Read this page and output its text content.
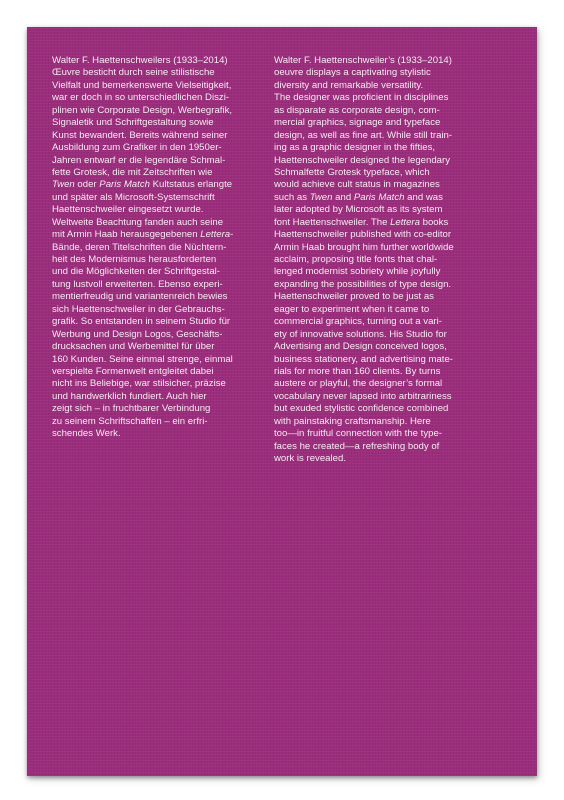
Walter F. Haettenschweilers (1933–2014)
Œuvre besticht durch seine stilistische
Vielfalt und bemerkenswerte Vielseitigkeit,
war er doch in so unterschiedlichen Diszi-
plinen wie Corporate Design, Werbegrafik,
Signaletik und Schriftgestaltung sowie
Kunst bewandert. Bereits während seiner
Ausbildung zum Grafiker in den 1950er-
Jahren entwarf er die legendäre Schmal-
fette Grotesk, die mit Zeitschriften wie
Twen oder Paris Match Kultstatus erlangte
und später als Microsoft-Systemschrift
Haettenschweiler eingesetzt wurde.
Weltweite Beachtung fanden auch seine
mit Armin Haab herausgegebenen Lettera-
Bände, deren Titelschriften die Nüchtern-
heit des Modernismus herausforderten
und die Möglichkeiten der Schriftgestal-
tung lustvoll erweiterten. Ebenso experi-
mentierfreudig und variantenreich bewies
sich Haettenschweiler in der Gebrauchs-
grafik. So entstanden in seinem Studio für
Werbung und Design Logos, Geschäfts-
drucksachen und Werbemittel für über
160 Kunden. Seine einmal strenge, einmal
verspielte Formenwelt entgleitet dabei
nicht ins Beliebige, war stilsicher, präzise
und handwerklich fundiert. Auch hier
zeigt sich – in fruchtbarer Verbindung
zu seinem Schriftschaffen – ein erfri-
schendes Werk.
Walter F. Haettenschweiler’s (1933–2014)
oeuvre displays a captivating stylistic
diversity and remarkable versatility.
The designer was proficient in disciplines
as disparate as corporate design, com-
mercial graphics, signage and typeface
design, as well as fine art. While still train-
ing as a graphic designer in the fifties,
Haettenschweiler designed the legendary
Schmalfette Grotesk typeface, which
would achieve cult status in magazines
such as Twen and Paris Match and was
later adopted by Microsoft as its system
font Haettenschweiler. The Lettera books
Haettenschweiler published with co-editor
Armin Haab brought him further worldwide
acclaim, proposing title fonts that chal-
lenged modernist sobriety while joyfully
expanding the possibilities of type design.
Haettenschweiler proved to be just as
eager to experiment when it came to
commercial graphics, turning out a vari-
ety of innovative solutions. His Studio for
Advertising and Design conceived logos,
business stationery, and advertising mate-
rials for more than 160 clients. By turns
austere or playful, the designer’s formal
vocabulary never lapsed into arbitrariness
but exuded stylistic confidence combined
with painstaking craftsmanship. Here
too—in fruitful connection with the type-
faces he created—a refreshing body of
work is revealed.
